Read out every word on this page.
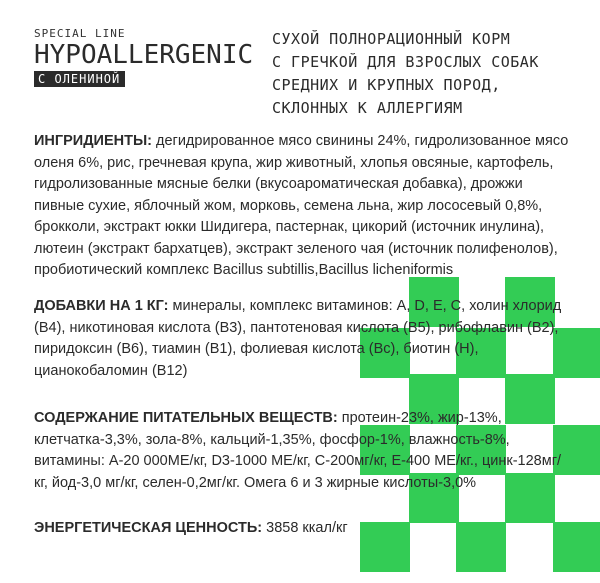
SPECIAL LINE
HYPOALLERGENIC
С ОЛЕНИНОЙ
СУХОЙ ПОЛНОРАЦИОННЫЙ КОРМ
С ГРЕЧКОЙ ДЛЯ ВЗРОСЛЫХ СОБАК
СРЕДНИХ И КРУПНЫХ ПОРОД,
СКЛОННЫХ К АЛЛЕРГИЯМ
ИНГРИДИЕНТЫ: дегидрированное мясо свинины 24%, гидролизованное мясо оленя 6%, рис, гречневая крупа, жир животный, хлопья овсяные, картофель, гидролизованные мясные белки (вкусоароматическая добавка), дрожжи пивные сухие, яблочный жом, морковь, семена льна, жир лососевый 0,8%, брокколи, экстракт юкки Шидигера, пастернак, цикорий (источник инулина), лютеин (экстракт бархатцев), экстракт зеленого чая (источник полифенолов), пробиотический комплекс Bacillus subtillis,Bacillus licheniformis
ДОБАВКИ НА 1 КГ: минералы, комплекс витаминов: A, D, E, C, холин хлорид (B4), никотиновая кислота (B3), пантотеновая кислота (B5), рибофлавин (B2), пиридоксин (B6), тиамин (B1), фолиевая кислота (Bc), биотин (H), цианокобаломин (B12)
СОДЕРЖАНИЕ ПИТАТЕЛЬНЫХ ВЕЩЕСТВ: протеин-23%, жир-13%, клетчатка-3,3%, зола-8%, кальций-1,35%, фосфор-1%, влажность-8%, витамины: А-20 000МЕ/кг, D3-1000 МЕ/кг, С-200мг/кг, Е-400 МЕ/кг., цинк-128мг/кг, йод-3,0 мг/кг, селен-0,2мг/кг. Омега 6 и 3 жирные кислоты-3,0%
ЭНЕРГЕТИЧЕСКАЯ ЦЕННОСТЬ: 3858 ккал/кг
